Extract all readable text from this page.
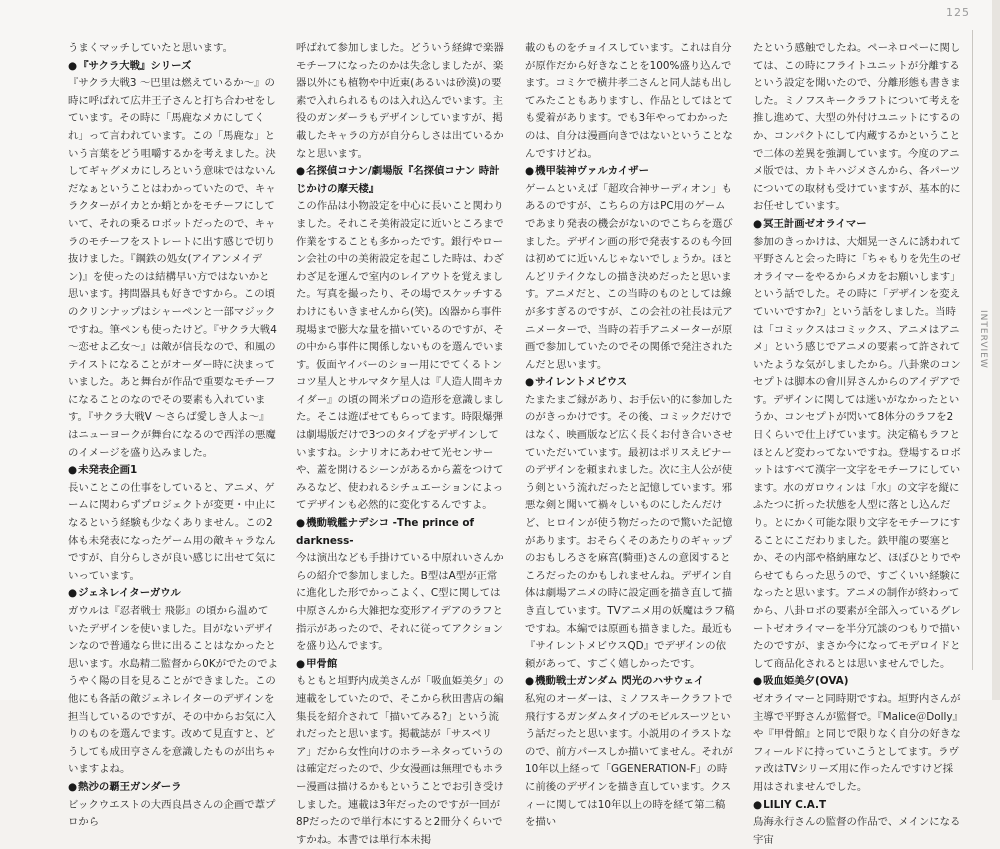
125

うまくマッチしていたと思います。

● 『サクラ大戦』シリーズ

『サクラ大戦3 〜巴里は燃えているか〜』の時に呼ばれて広井王子さんと打ち合わせをしています。その時に「馬鹿なメカにしてくれ」って言われています。この「馬鹿な」という言葉をどう咀嚼するかを考えました。決してギャグメカにしろという意味ではないんだなぁということはわかっていたので、キャラクターがイカとか蛸とかをモチーフにしていて、それの乗るロボットだったので、キャラのモチーフをストレートに出す感じで切り抜けました。『鋼鉄の処女(アイアンメイデン)』を使ったのは結構早い方ではないかと思います。拷問器具も好きですから。この頃のクリンナップはシャーペンと一部マジックですね。筆ペンも使ったけど。『サクラ大戦4 〜恋せよ乙女〜』は敵が信長なので、和風のテイストになることがオーダー時に決まっていました。あと舞台が作品で重要なモチーフになることのなのでその要素も入れています。『サクラ大戦V 〜さらば愛しき人よ〜』はニューヨークが舞台になるので西洋の悪魔のイメージを盛り込みました。

● 未発表企画1

長いことこの仕事をしていると、アニメ、ゲームに関わらずプロジェクトが変更・中止になるという経験も少なくありません。この2体も未発表になったゲーム用の敵キャラなんですが、自分らしさが良い感じに出せて気にいっています。

● ジェネレイターガウル

ガウルは『忍者戦士 飛影』の頃から温めていたデザインを使いました。目がないデザインなので普通なら世に出ることはなかったと思います。水島精二監督から0Kがでたのでようやく陽の目を見ることができました。この他にも各話の敵ジェネレイターのデザインを担当しているのですが、その中からお気に入りのものを選んでます。改めて見直すと、どうしても成田亨さんを意識したものが出ちゃいますよね。

● 熱沙の覇王ガンダーラ

ビックウエストの大西良昌さんの企画で葦プロから

呼ばれて参加しました。どういう経緯で楽器モチーフになったのかは失念しましたが、楽器以外にも植物や中近東(あるいは砂漠)の要素で入れられるものは入れ込んでいます。主役のガンダーラもデザインしていますが、掲載したキャラの方が自分らしさは出ているかなと思います。

● 名探偵コナン/劇場版『名探偵コナン 時計じかけの摩天楼』

この作品は小物設定を中心に長いこと関わりました。それこそ美術設定に近いところまで作業をすることも多かったです。銀行やローン会社の中の美術設定を起こした時は、わざわざ足を運んで室内のレイアウトを覚えました。写真を撮ったり、その場でスケッチするわけにもいきませんから(笑)。凶器から事件現場まで膨大な量を描いているのですが、その中から事件に関係しないものを選んでいます。仮面ヤイバーのショー用にでてくるトンコツ星人とサルマタケ星人は『人造人間キカイダー』の頃の岡米プロの造形を意識しました。そこは遊ばせてもらってます。時限爆弾は劇場版だけで3つのタイプをデザインしていますね。シナリオにあわせて光センサーや、蓋を開けるシーンがあるから蓋をつけてみるなど、使われるシチュエーションによってデザインも必然的に変化するんですよ。

● 機動戦艦ナデシコ -The prince of darkness-

今は演出なども手掛けている中原れいさんからの紹介で参加しました。B型はA型が正常に進化した形でかっこよく、C型に関しては中原さんから大雑把な変形アイデアのラフと指示があったので、それに従ってアクションを盛り込んでます。

● 甲骨館

もともと垣野内成美さんが「吸血姫美夕」の連載をしていたので、そこから秋田書店の編集長を紹介されて「描いてみる?」という流れだったと思います。掲載誌が「サスペリア」だから女性向けのホラーネタっていうのは確定だったので、少女漫画は無理でもホラー漫画は描けるかもということでお引き受けしました。連載は3年だったのですが一回が8Pだったので単行本にすると2冊分くらいですかね。本書では単行本未掲

載のものをチョイスしています。これは自分が原作だから好きなことを100%盛り込んでます。コミケで横井孝二さんと同人誌も出してみたこともありますし、作品としてはとても愛着があります。でも3年やってわかったのは、自分は漫画向きではないということなんですけどね。

● 機甲装神ヴァルカイザー

ゲームといえば「超攻合神サーディオン」もあるのですが、こちらの方はPC用のゲームであまり発表の機会がないのでこちらを選びました。デザイン画の形で発表するのも今回は初めてに近いんじゃないでしょうか。ほとんどリテイクなしの描き決めだったと思います。アニメだと、この当時のものとしては線が多すぎるのですが、この会社の社長は元アニメーターで、当時の若手アニメーターが原画で参加していたのでその関係で発注されたんだと思います。

● サイレントメビウス

たまたまご縁があり、お手伝い的に参加したのがきっかけです。その後、コミックだけではなく、映画版など広く長くお付き合いさせていただいています。最初はポリスえピナーのデザインを頼まれました。次に主人公が使う剣という流れだったと記憶しています。邪悪な剣と聞いて禍々しいものにしたんだけど、ヒロインが使う物だったので驚いた記憶があります。おそらくそのあたりのギャップのおもしろさを麻宮(騎亜)さんの意図するところだったのかもしれませんね。デザイン自体は劇場アニメの時に設定画を描き直して描き直しています。TVアニメ用の妖魔はラフ稿ですね。本編では原画も描きました。最近も『サイレントメビウスQD』でデザインの依頼があって、すごく嬉しかったです。

● 機動戦士ガンダム 閃光のハサウェイ

私宛のオーダーは、ミノフスキークラフトで飛行するガンダムタイプのモビルスーツという話だったと思います。小説用のイラストなので、前方パースしか描いてません。それが10年以上経って「GGENERATION-F」の時に前後のデザインを描き直しています。クスィーに関しては10年以上の時を経て第二稿を描い

たという感触でしたね。ペーネロペーに関しては、この時にフライトユニットが分離するという設定を聞いたので、分離形態も書きました。ミノフスキークラフトについて考えを推し進めて、大型の外付けユニットにするのか、コンパクトにして内蔵するかということで二体の差異を強調しています。今度のアニメ版では、カトキハジメさんから、各パーツについての取材も受けていますが、基本的にお任せしています。

● 冥王計画ゼオライマー

参加のきっかけは、大畑晃一さんに誘われて平野さんと会った時に「ちゃもりを先生のゼオライマーをやるからメカをお願いします」という話でした。その時に「デザインを変えていいですか?」という話をしました。当時は「コミックスはコミックス、アニメはアニメ」という感じでアニメの要素って許されていたような気がしましたから。八卦衆のコンセプトは脚本の會川昇さんからのアイデアです。デザインに関しては迷いがなかったというか、コンセプトが閃いて8体分のラフを2日くらいで仕上げています。決定稿もラフとほとんど変わってないですね。登場するロボットはすべて漢字一文字をモチーフにしています。水のガロウィンは「水」の文字を縦にふたつに折った状態を人型に落とし込んだり。とにかく可能な限り文字をモチーフにすることにこだわりました。鉄甲龍の要塞とか、その内部や格納庫など、ほぼひとりでやらせてもらった思うので、すごくいい経験になったと思います。アニメの制作が終わってから、八卦ロボの要素が全部入っているグレートゼオライマーを半分冗談のつもりで描いたのですが、まさか今になってモデロイドとして商品化されるとは思いませんでした。

● 吸血姫美夕(OVA)

ゼオライマーと同時期ですね。垣野内さんが主導で平野さんが監督で。『Malice＠Dolly』や『甲骨館』と同じで限りなく自分の好きなフィールドに持っていこうとしてます。ラヴァ改はTVシリーズ用に作ったんですけど採用はされませんでした。

● LILIY C.A.T

鳥海永行さんの監督の作品で、メインになる宇宙

INTERVIEW
